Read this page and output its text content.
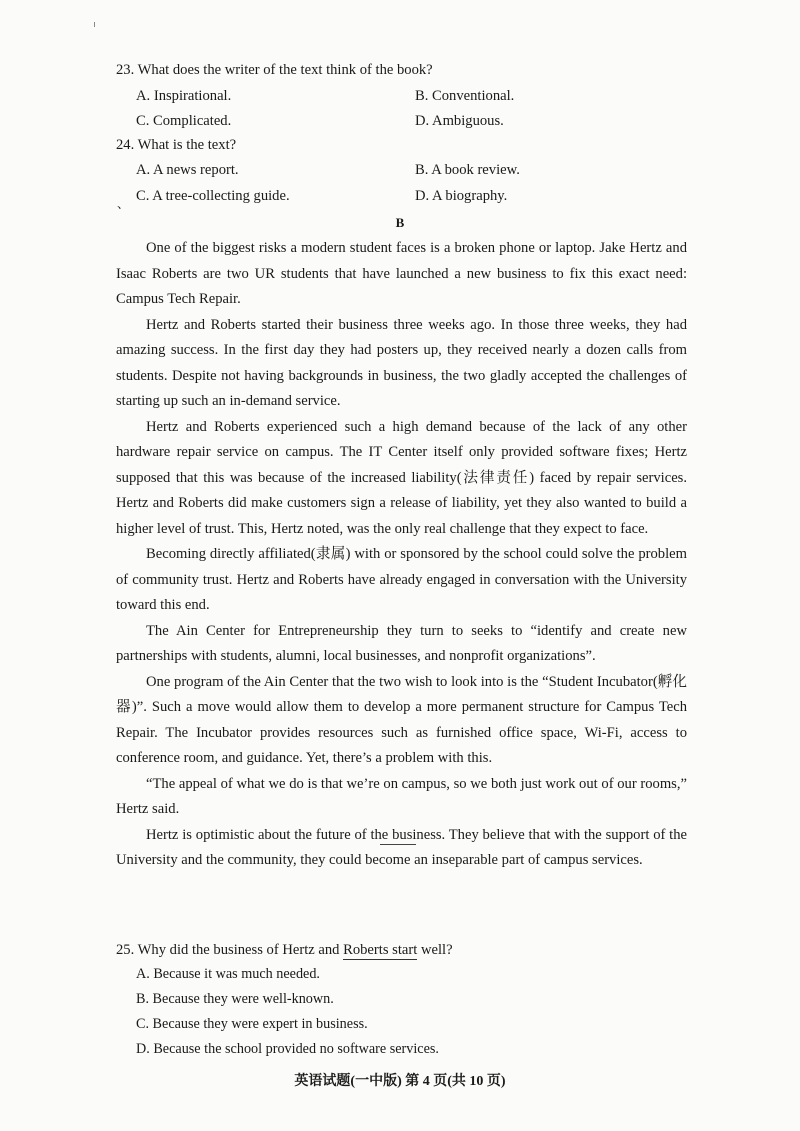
23. What does the writer of the text think of the book?
A. Inspirational.	B. Conventional.
C. Complicated.	D. Ambiguous.
24. What is the text?
A. A news report.	B. A book review.
、 C. A tree-collecting guide.	D. A biography.
B

One of the biggest risks a modern student faces is a broken phone or laptop. Jake Hertz and Isaac Roberts are two UR students that have launched a new business to fix this exact need: Campus Tech Repair.

Hertz and Roberts started their business three weeks ago. In those three weeks, they had amazing success. In the first day they had posters up, they received nearly a dozen calls from students. Despite not having backgrounds in business, the two gladly accepted the challenges of starting up such an in-demand service.

Hertz and Roberts experienced such a high demand because of the lack of any other hardware repair service on campus. The IT Center itself only provided software fixes; Hertz supposed that this was because of the increased liability(法律责任) faced by repair services. Hertz and Roberts did make customers sign a release of liability, yet they also wanted to build a higher level of trust. This, Hertz noted, was the only real challenge that they expect to face.

Becoming directly affiliated(隶属) with or sponsored by the school could solve the problem of community trust. Hertz and Roberts have already engaged in conversation with the University toward this end.

The Ain Center for Entrepreneurship they turn to seeks to “identify and create new partnerships with students, alumni, local businesses, and nonprofit organizations”.

One program of the Ain Center that the two wish to look into is the “Student Incubator(孵化器)”. Such a move would allow them to develop a more permanent structure for Campus Tech Repair. The Incubator provides resources such as furnished office space, Wi-Fi, access to conference room, and guidance. Yet, there’s a problem with this.

“The appeal of what we do is that we’re on campus, so we both just work out of our rooms,” Hertz said.

Hertz is optimistic about the future of the business. They believe that with the support of the University and the community, they could become an inseparable part of campus services.

25. Why did the business of Hertz and Roberts start well?
A. Because it was much needed.
B. Because they were well-known.
C. Because they were expert in business.
D. Because the school provided no software services.
英语试题(一中版) 第 4 页(共 10 页)
